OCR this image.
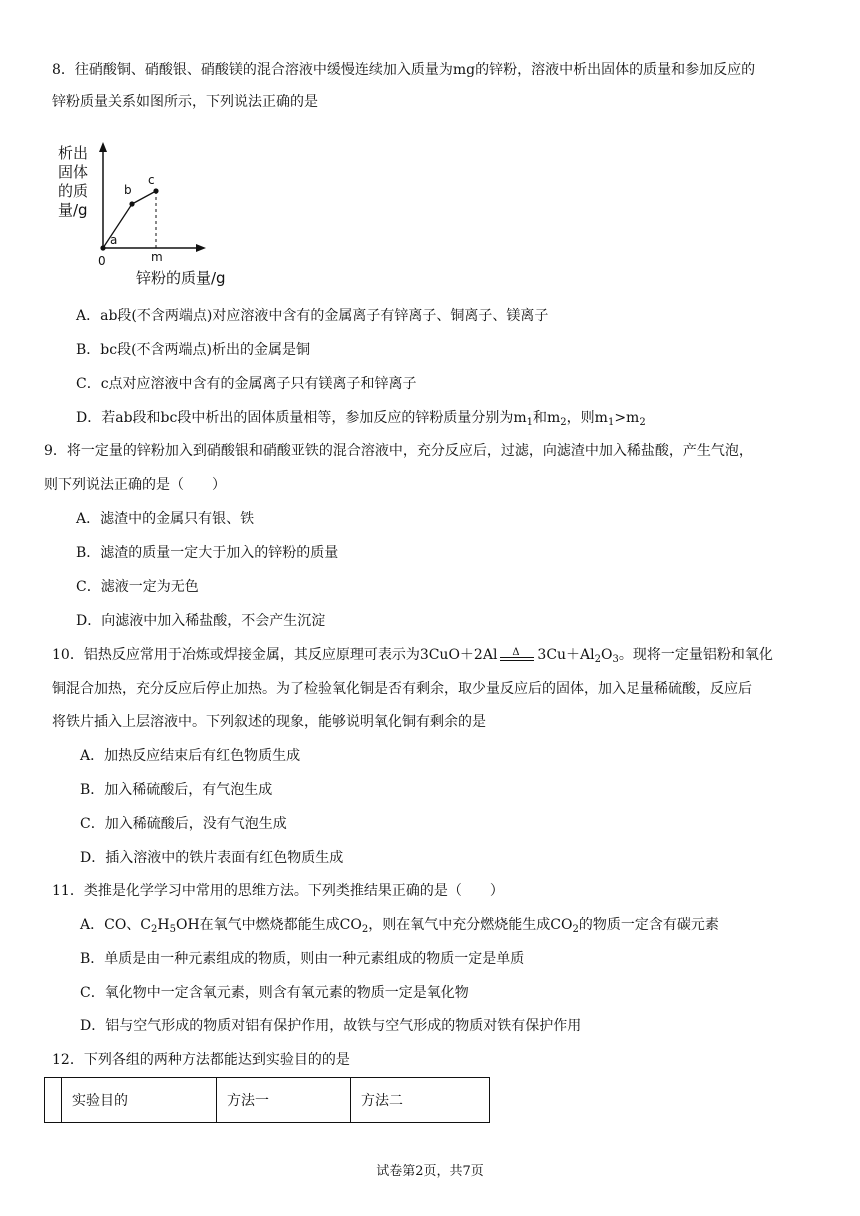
8．往硝酸铜、硝酸银、硝酸镁的混合溶液中缓慢连续加入质量为mg的锌粉，溶液中析出固体的质量和参加反应的
锌粉质量关系如图所示，下列说法正确的是
析出
固体
的质
量/g
0
a
b
c
m
锌粉的质量/g
A．ab段(不含两端点)对应溶液中含有的金属离子有锌离子、铜离子、镁离子
B．bc段(不含两端点)析出的金属是铜
C．c点对应溶液中含有的金属离子只有镁离子和锌离子
D．若ab段和bc段中析出的固体质量相等，参加反应的锌粉质量分别为$m_1$和$m_2$，则$m_1>m_2$
9．将一定量的锌粉加入到硝酸银和硝酸亚铁的混合溶液中，充分反应后，过滤，向滤渣中加入稀盐酸，产生气泡，
则下列说法正确的是（　　）
A．滤渣中的金属只有银、铁
B．滤渣的质量一定大于加入的锌粉的质量
C．滤液一定为无色
D．向滤液中加入稀盐酸，不会产生沉淀
10．铝热反应常用于冶炼或焊接金属，其反应原理可表示为3CuO＋2Al Δ $3Cu+Al_2O_3$。现将一定量铝粉和氧化
铜混合加热，充分反应后停止加热。为了检验氧化铜是否有剩余，取少量反应后的固体，加入足量稀硫酸，反应后
将铁片插入上层溶液中。下列叙述的现象，能够说明氧化铜有剩余的是
A．加热反应结束后有红色物质生成
B．加入稀硫酸后，有气泡生成
C．加入稀硫酸后，没有气泡生成
D．插入溶液中的铁片表面有红色物质生成
11．类推是化学学习中常用的思维方法。下列类推结果正确的是（　　）
A．CO、$C_2H_5OH$在氧气中燃烧都能生成$CO_2$，则在氧气中充分燃烧能生成$CO_2$的物质一定含有碳元素
B．单质是由一种元素组成的物质，则由一种元素组成的物质一定是单质
C．氧化物中一定含氧元素，则含有氧元素的物质一定是氧化物
D．铝与空气形成的物质对铝有保护作用，故铁与空气形成的物质对铁有保护作用
12．下列各组的两种方法都能达到实验目的的是
	实验目的	方法一	方法二
试卷第2页，共7页
